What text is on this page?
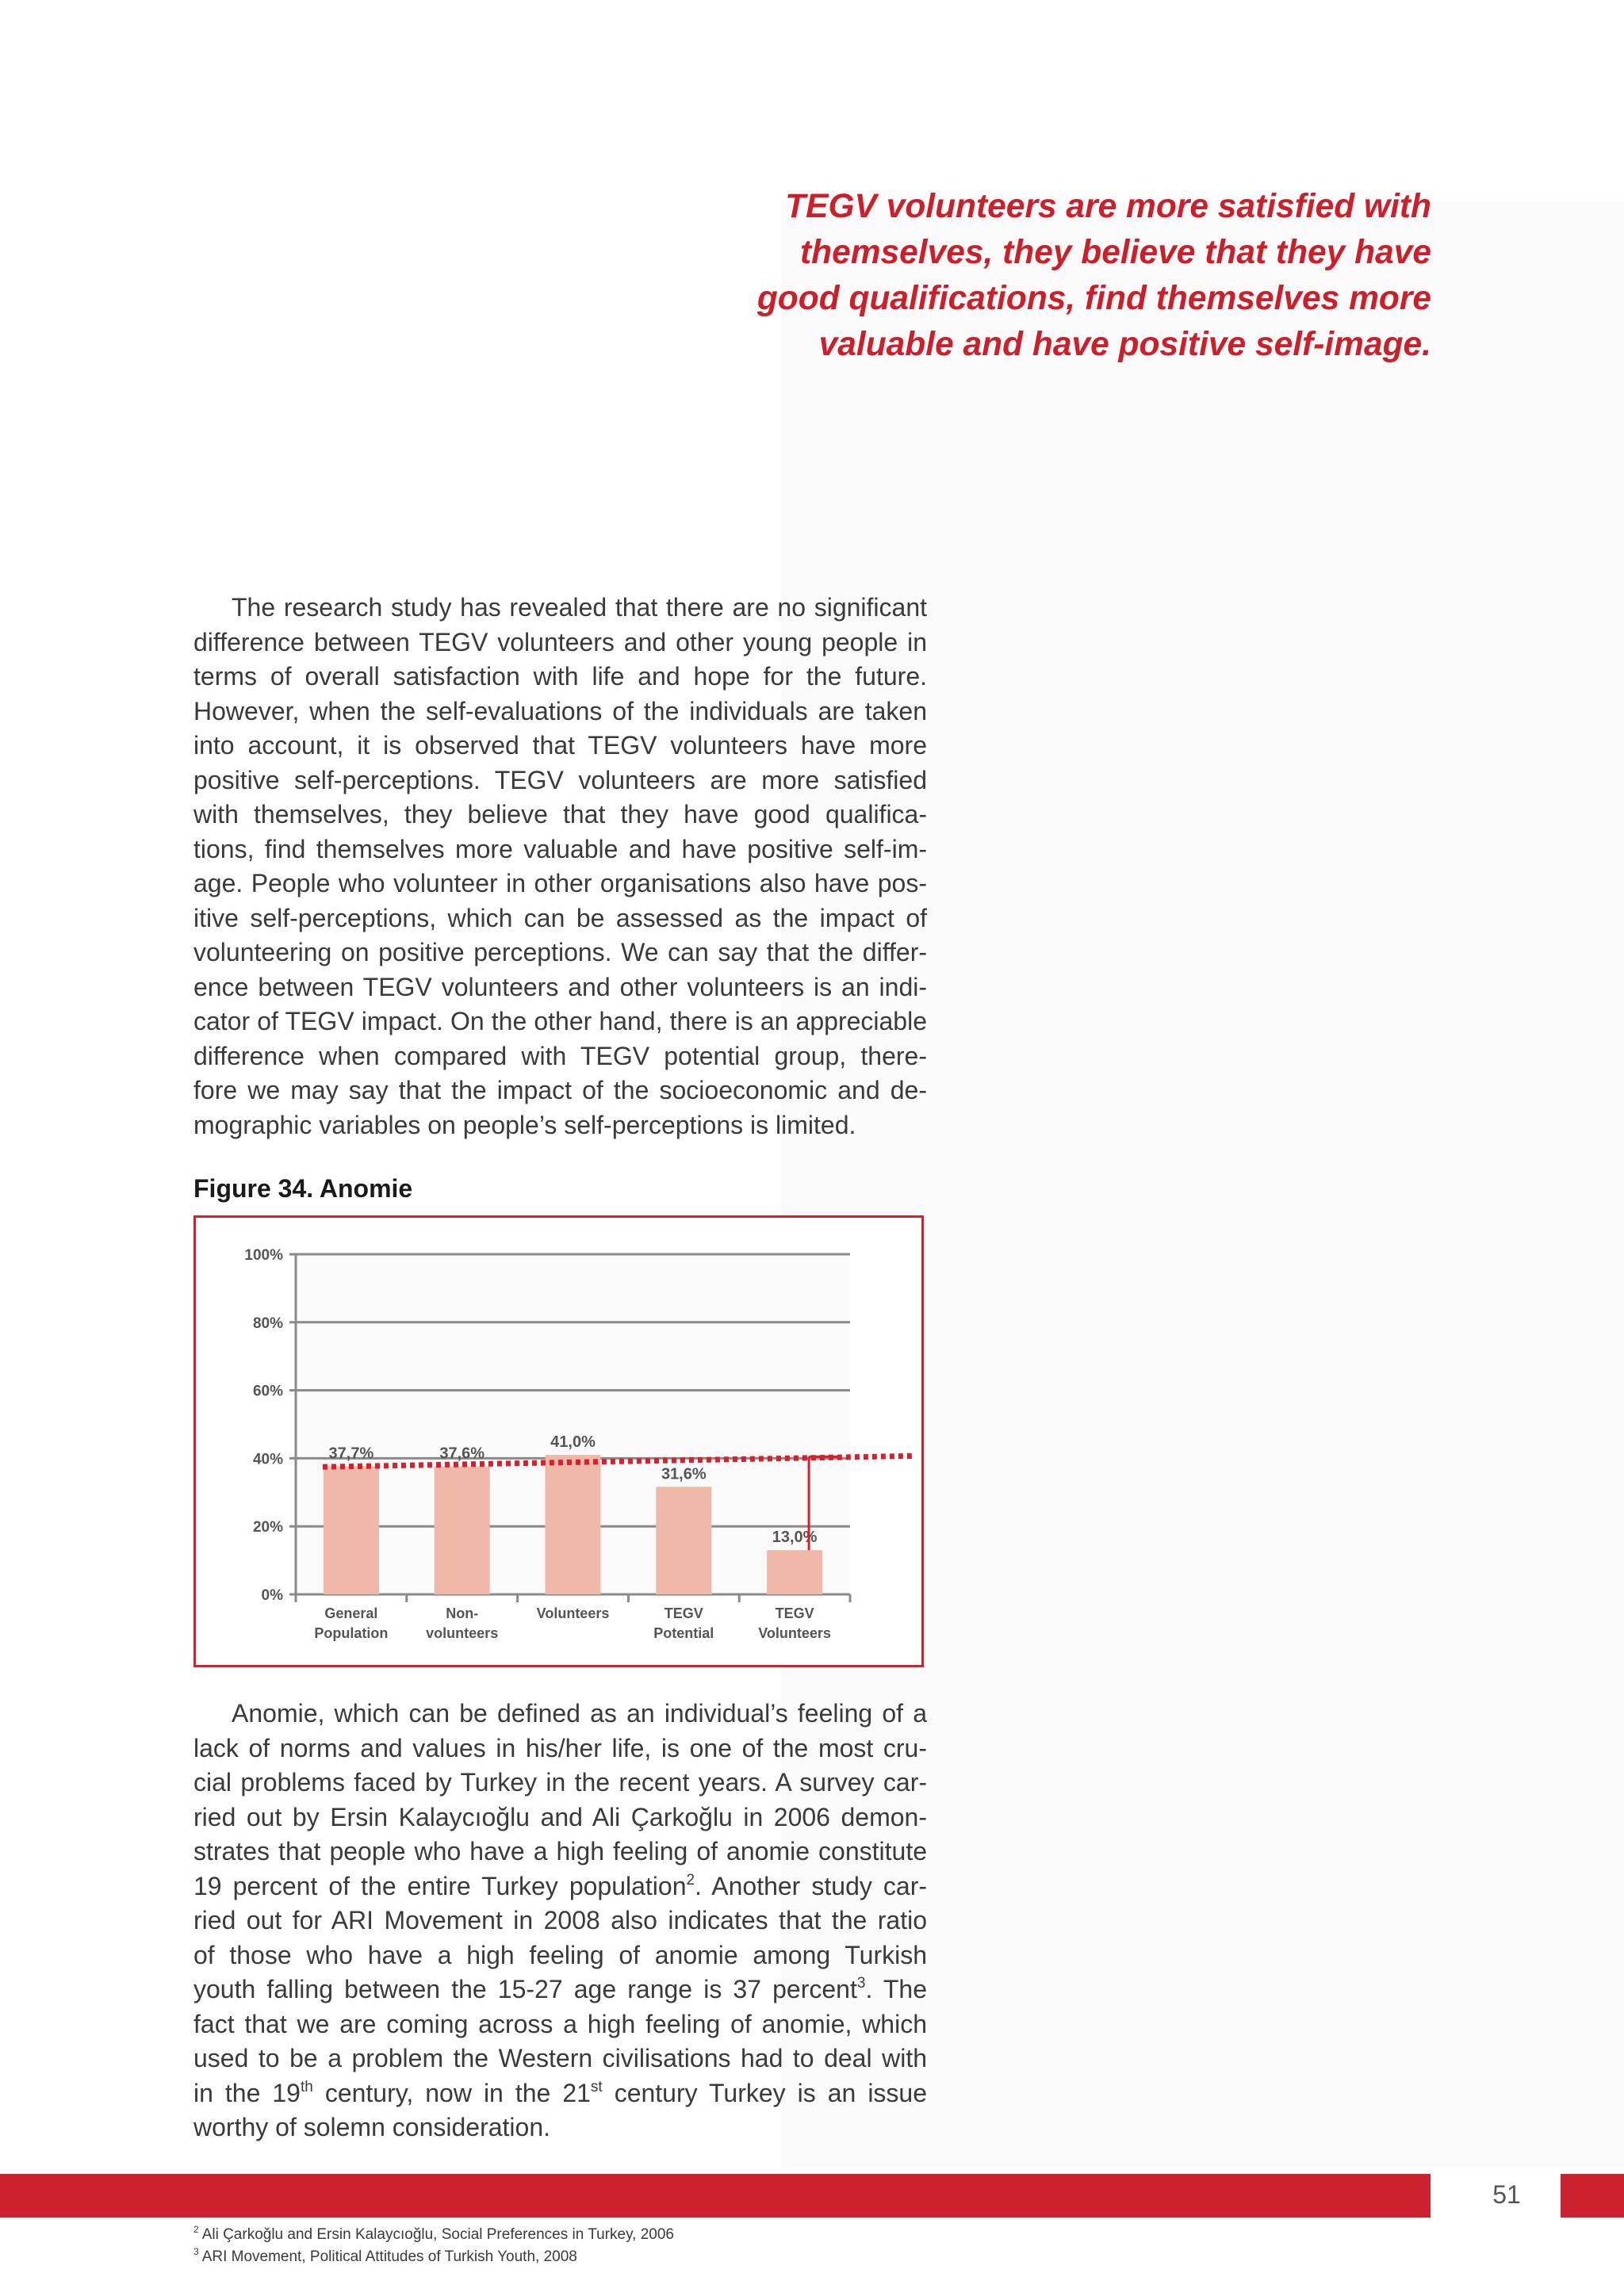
TEGV volunteers are more satisfied with
themselves, they believe that they have
good qualifications, find themselves more
valuable and have positive self-image.
The research study has revealed that there are no significant
difference between TEGV volunteers and other young people in
terms of overall satisfaction with life and hope for the future.
However, when the self-evaluations of the individuals are taken
into account, it is observed that TEGV volunteers have more
positive self-perceptions. TEGV volunteers are more satisfied
with themselves, they believe that they have good qualifica-
tions, find themselves more valuable and have positive self-im-
age. People who volunteer in other organisations also have pos-
itive self-perceptions, which can be assessed as the impact of
volunteering on positive perceptions. We can say that the differ-
ence between TEGV volunteers and other volunteers is an indi-
cator of TEGV impact. On the other hand, there is an appreciable
difference when compared with TEGV potential group, there-
fore we may say that the impact of the socioeconomic and de-
mographic variables on people’s self-perceptions is limited.
Figure 34. Anomie
0%
20%
40%
60%
80%
100%
37,7%
General
Population
37,6%
Non-
volunteers
41,0%
Volunteers
31,6%
TEGV
Potential
13,0%
TEGV
Volunteers
Anomie, which can be defined as an individual’s feeling of a
lack of norms and values in his/her life, is one of the most cru-
cial problems faced by Turkey in the recent years. A survey car-
ried out by Ersin Kalaycıoğlu and Ali Çarkoğlu in 2006 demon-
strates that people who have a high feeling of anomie constitute
19 percent of the entire Turkey population$^2$. Another study car-
ried out for ARI Movement in 2008 also indicates that the ratio
of those who have a high feeling of anomie among Turkish
youth falling between the 15-27 age range is 37 percent$^3$. The
fact that we are coming across a high feeling of anomie, which
used to be a problem the Western civilisations had to deal with
in the 19th century, now in the 21st century Turkey is an issue
worthy of solemn consideration.
51
$^2$ Ali Çarkoğlu and Ersin Kalaycıoğlu, Social Preferences in Turkey, 2006
$^3$ ARI Movement, Political Attitudes of Turkish Youth, 2008
